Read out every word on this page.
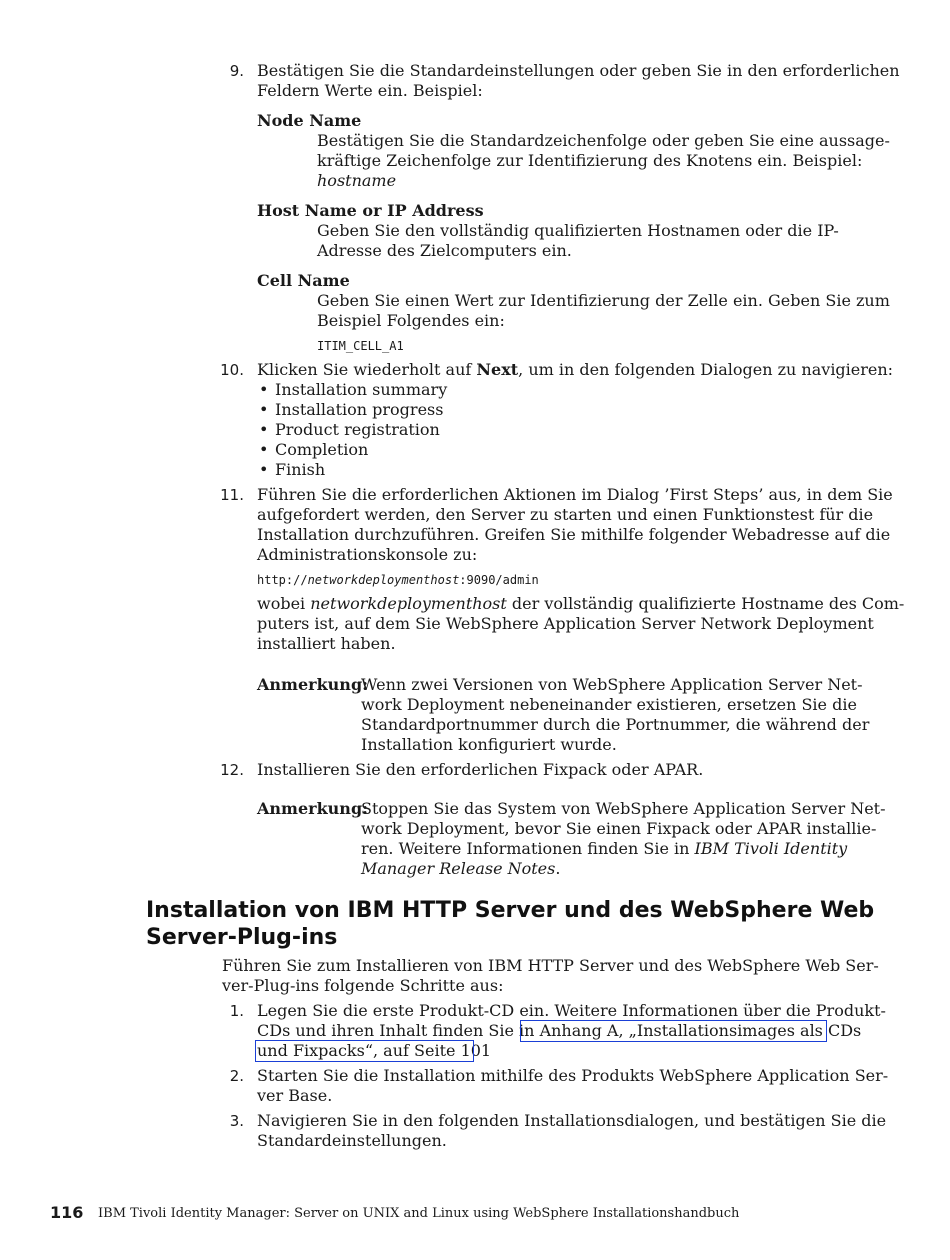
9. Bestätigen Sie die Standardeinstellungen oder geben Sie in den erforderlichen
Feldern Werte ein. Beispiel:
Node Name
Bestätigen Sie die Standardzeichenfolge oder geben Sie eine aussage-
kräftige Zeichenfolge zur Identifizierung des Knotens ein. Beispiel:
hostname
Host Name or IP Address
Geben Sie den vollständig qualifizierten Hostnamen oder die IP-
Adresse des Zielcomputers ein.
Cell Name
Geben Sie einen Wert zur Identifizierung der Zelle ein. Geben Sie zum
Beispiel Folgendes ein:
ITIM_CELL_A1
10. Klicken Sie wiederholt auf Next, um in den folgenden Dialogen zu navigieren:
• Installation summary
• Installation progress
• Product registration
• Completion
• Finish
11. Führen Sie die erforderlichen Aktionen im Dialog ’First Steps’ aus, in dem Sie
aufgefordert werden, den Server zu starten und einen Funktionstest für die
Installation durchzuführen. Greifen Sie mithilfe folgender Webadresse auf die
Administrationskonsole zu:
http://networkdeploymenthost:9090/admin
wobei networkdeploymenthost der vollständig qualifizierte Hostname des Com-
puters ist, auf dem Sie WebSphere Application Server Network Deployment
installiert haben.
Anmerkung:
Wenn zwei Versionen von WebSphere Application Server Net-
work Deployment nebeneinander existieren, ersetzen Sie die
Standardportnummer durch die Portnummer, die während der
Installation konfiguriert wurde.
12. Installieren Sie den erforderlichen Fixpack oder APAR.
Anmerkung:
Stoppen Sie das System von WebSphere Application Server Net-
work Deployment, bevor Sie einen Fixpack oder APAR installie-
ren. Weitere Informationen finden Sie in IBM Tivoli Identity
Manager Release Notes.
Installation von IBM HTTP Server und des WebSphere Web
Server-Plug-ins
Führen Sie zum Installieren von IBM HTTP Server und des WebSphere Web Ser-
ver-Plug-ins folgende Schritte aus:
1. Legen Sie die erste Produkt-CD ein. Weitere Informationen über die Produkt-
CDs und ihren Inhalt finden Sie in Anhang A, „Installationsimages als CDs
und Fixpacks“, auf Seite 101
2. Starten Sie die Installation mithilfe des Produkts WebSphere Application Ser-
ver Base.
3. Navigieren Sie in den folgenden Installationsdialogen, und bestätigen Sie die
Standardeinstellungen.
116 IBM Tivoli Identity Manager: Server on UNIX and Linux using WebSphere Installationshandbuch
